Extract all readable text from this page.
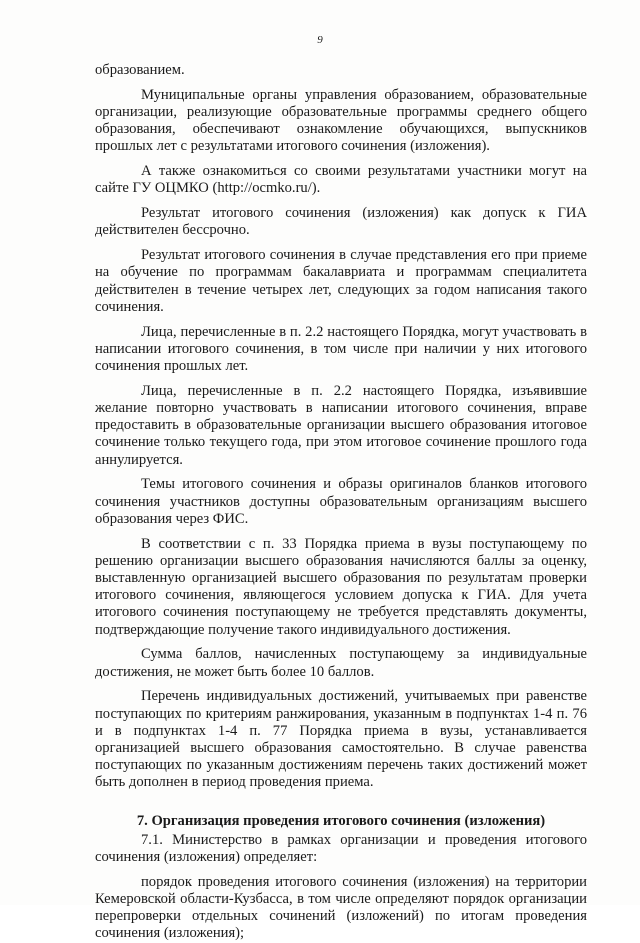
9

образованием.

Муниципальные органы управления образованием, образовательные организации, реализующие образовательные программы среднего общего образования, обеспечивают ознакомление обучающихся, выпускников прошлых лет с результатами итогового сочинения (изложения).

А также ознакомиться со своими результатами участники могут на сайте ГУ ОЦМКО (http://ocmko.ru/).

Результат итогового сочинения (изложения) как допуск к ГИА действителен бессрочно.

Результат итогового сочинения в случае представления его при приеме на обучение по программам бакалавриата и программам специалитета действителен в течение четырех лет, следующих за годом написания такого сочинения.

Лица, перечисленные в п. 2.2 настоящего Порядка, могут участвовать в написании итогового сочинения, в том числе при наличии у них итогового сочинения прошлых лет.

Лица, перечисленные в п. 2.2 настоящего Порядка, изъявившие желание повторно участвовать в написании итогового сочинения, вправе предоставить в образовательные организации высшего образования итоговое сочинение только текущего года, при этом итоговое сочинение прошлого года аннулируется.

Темы итогового сочинения и образы оригиналов бланков итогового сочинения участников доступны образовательным организациям высшего образования через ФИС.

В соответствии с п. 33 Порядка приема в вузы поступающему по решению организации высшего образования начисляются баллы за оценку, выставленную организацией высшего образования по результатам проверки итогового сочинения, являющегося условием допуска к ГИА. Для учета итогового сочинения поступающему не требуется представлять документы, подтверждающие получение такого индивидуального достижения.

Сумма баллов, начисленных поступающему за индивидуальные достижения, не может быть более 10 баллов.

Перечень индивидуальных достижений, учитываемых при равенстве поступающих по критериям ранжирования, указанным в подпунктах 1-4 п. 76 и в подпунктах 1-4 п. 77 Порядка приема в вузы, устанавливается организацией высшего образования самостоятельно. В случае равенства поступающих по указанным достижениям перечень таких достижений может быть дополнен в период проведения приема.

7. Организация проведения итогового сочинения (изложения)

7.1. Министерство в рамках организации и проведения итогового сочинения (изложения) определяет:

порядок проведения итогового сочинения (изложения) на территории Кемеровской области-Кузбасса, в том числе определяют порядок организации перепроверки отдельных сочинений (изложений) по итогам проведения сочинения (изложения);
